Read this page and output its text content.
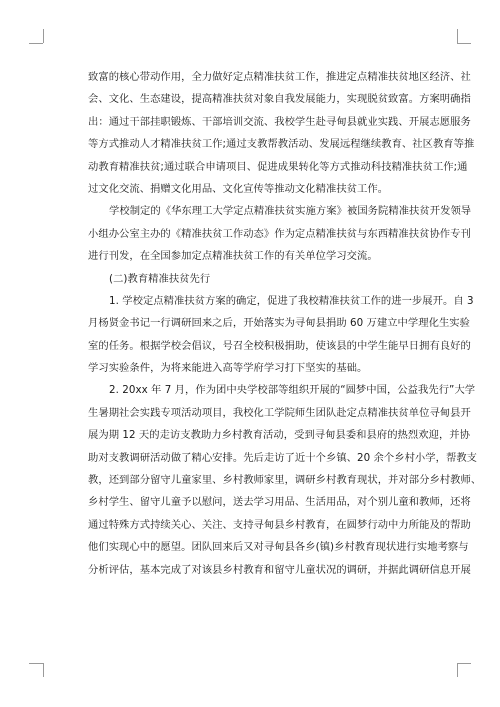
致富的核心带动作用，全力做好定点精准扶贫工作，推进定点精准扶贫地区经济、社
会、文化、生态建设，提高精准扶贫对象自我发展能力，实现脱贫致富。方案明确指
出：通过干部挂职锻炼、干部培训交流、我校学生赴寻甸县就业实践、开展志愿服务
等方式推动人才精准扶贫工作;通过支教帮教活动、发展远程继续教育、社区教育等推
动教育精准扶贫;通过联合申请项目、促进成果转化等方式推动科技精准扶贫工作;通
过文化交流、捐赠文化用品、文化宣传等推动文化精准扶贫工作。

学校制定的《华东理工大学定点精准扶贫实施方案》被国务院精准扶贫开发领导
小组办公室主办的《精准扶贫工作动态》作为定点精准扶贫与东西精准扶贫协作专刊
进行刊发，在全国参加定点精准扶贫工作的有关单位学习交流。

(二)教育精准扶贫先行

1. 学校定点精准扶贫方案的确定，促进了我校精准扶贫工作的进一步展开。自 3
月杨贤金书记一行调研回来之后，开始落实为寻甸县捐助 60 万建立中学理化生实验
室的任务。根据学校会倡议，号召全校积极捐助，使该县的中学生能早日拥有良好的
学习实验条件，为将来能进入高等学府学习打下坚实的基础。

2. 20xx 年 7 月，作为团中央学校部等组织开展的“圆梦中国，公益我先行”大学
生暑期社会实践专项活动项目，我校化工学院师生团队赴定点精准扶贫单位寻甸县开
展为期 12 天的走访支教助力乡村教育活动，受到寻甸县委和县府的热烈欢迎，并协
助对支教调研活动做了精心安排。先后走访了近十个乡镇、20 余个乡村小学，帮教支
教，还到部分留守儿童家里、乡村教师家里，调研乡村教育现状，并对部分乡村教师、
乡村学生、留守儿童予以慰问，送去学习用品、生活用品，对个别儿童和教师，还将
通过特殊方式持续关心、关注、支持寻甸县乡村教育，在圆梦行动中力所能及的帮助
他们实现心中的愿望。团队回来后又对寻甸县各乡(镇)乡村教育现状进行实地考察与
分析评估，基本完成了对该县乡村教育和留守儿童状况的调研，并据此调研信息开展
